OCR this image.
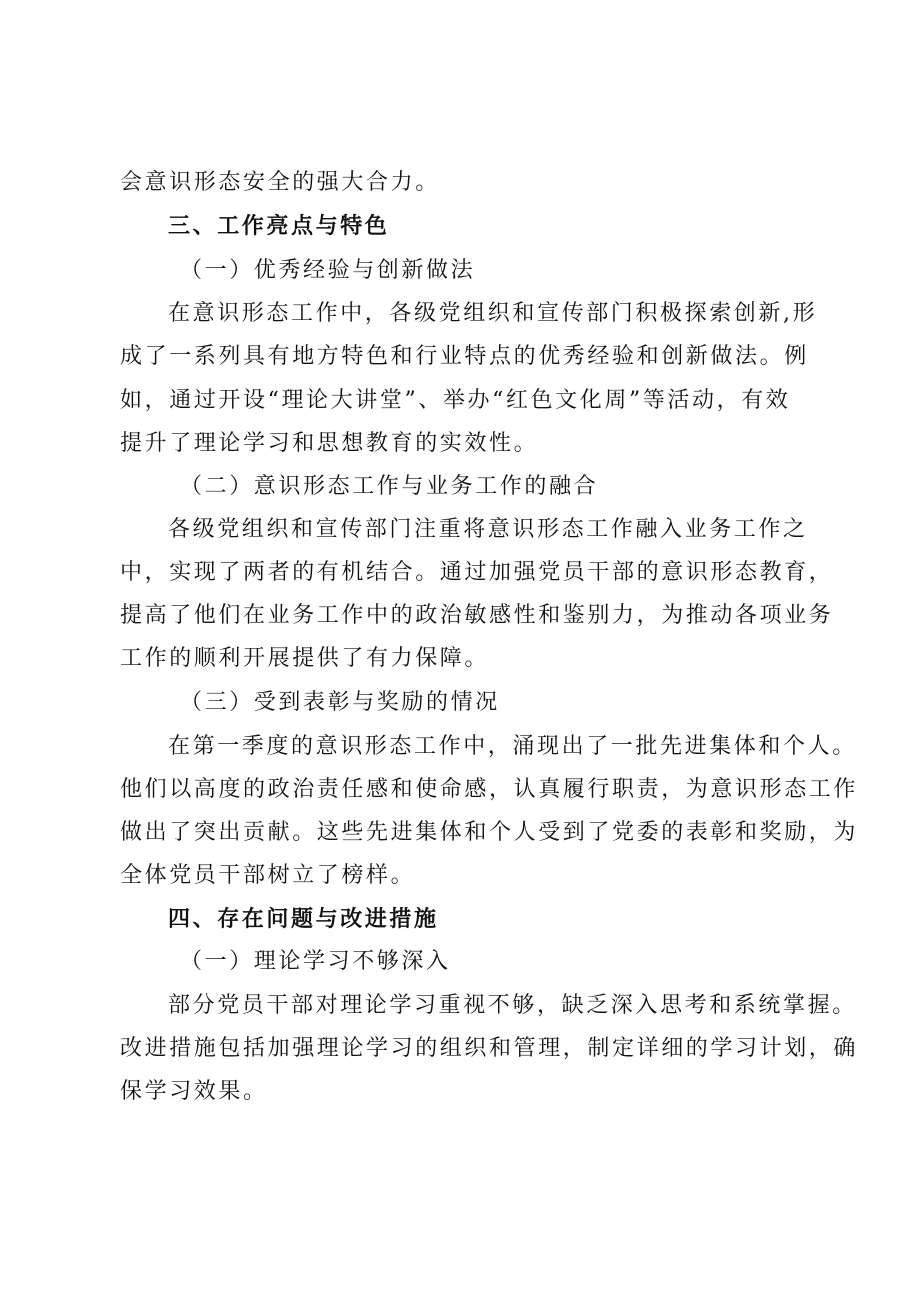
会意识形态安全的强大合力。
三、工作亮点与特色
（一）优秀经验与创新做法
在意识形态工作中，各级党组织和宣传部门积极探索创新,形
成了一系列具有地方特色和行业特点的优秀经验和创新做法。例
如，通过开设“理论大讲堂”、举办“红色文化周”等活动，有效
提升了理论学习和思想教育的实效性。
（二）意识形态工作与业务工作的融合
各级党组织和宣传部门注重将意识形态工作融入业务工作之
中，实现了两者的有机结合。通过加强党员干部的意识形态教育，
提高了他们在业务工作中的政治敏感性和鉴别力，为推动各项业务
工作的顺利开展提供了有力保障。
（三）受到表彰与奖励的情况
在第一季度的意识形态工作中，涌现出了一批先进集体和个人。
他们以高度的政治责任感和使命感，认真履行职责，为意识形态工作
做出了突出贡献。这些先进集体和个人受到了党委的表彰和奖励，为
全体党员干部树立了榜样。
四、存在问题与改进措施
（一）理论学习不够深入
部分党员干部对理论学习重视不够，缺乏深入思考和系统掌握。
改进措施包括加强理论学习的组织和管理，制定详细的学习计划，确
保学习效果。
